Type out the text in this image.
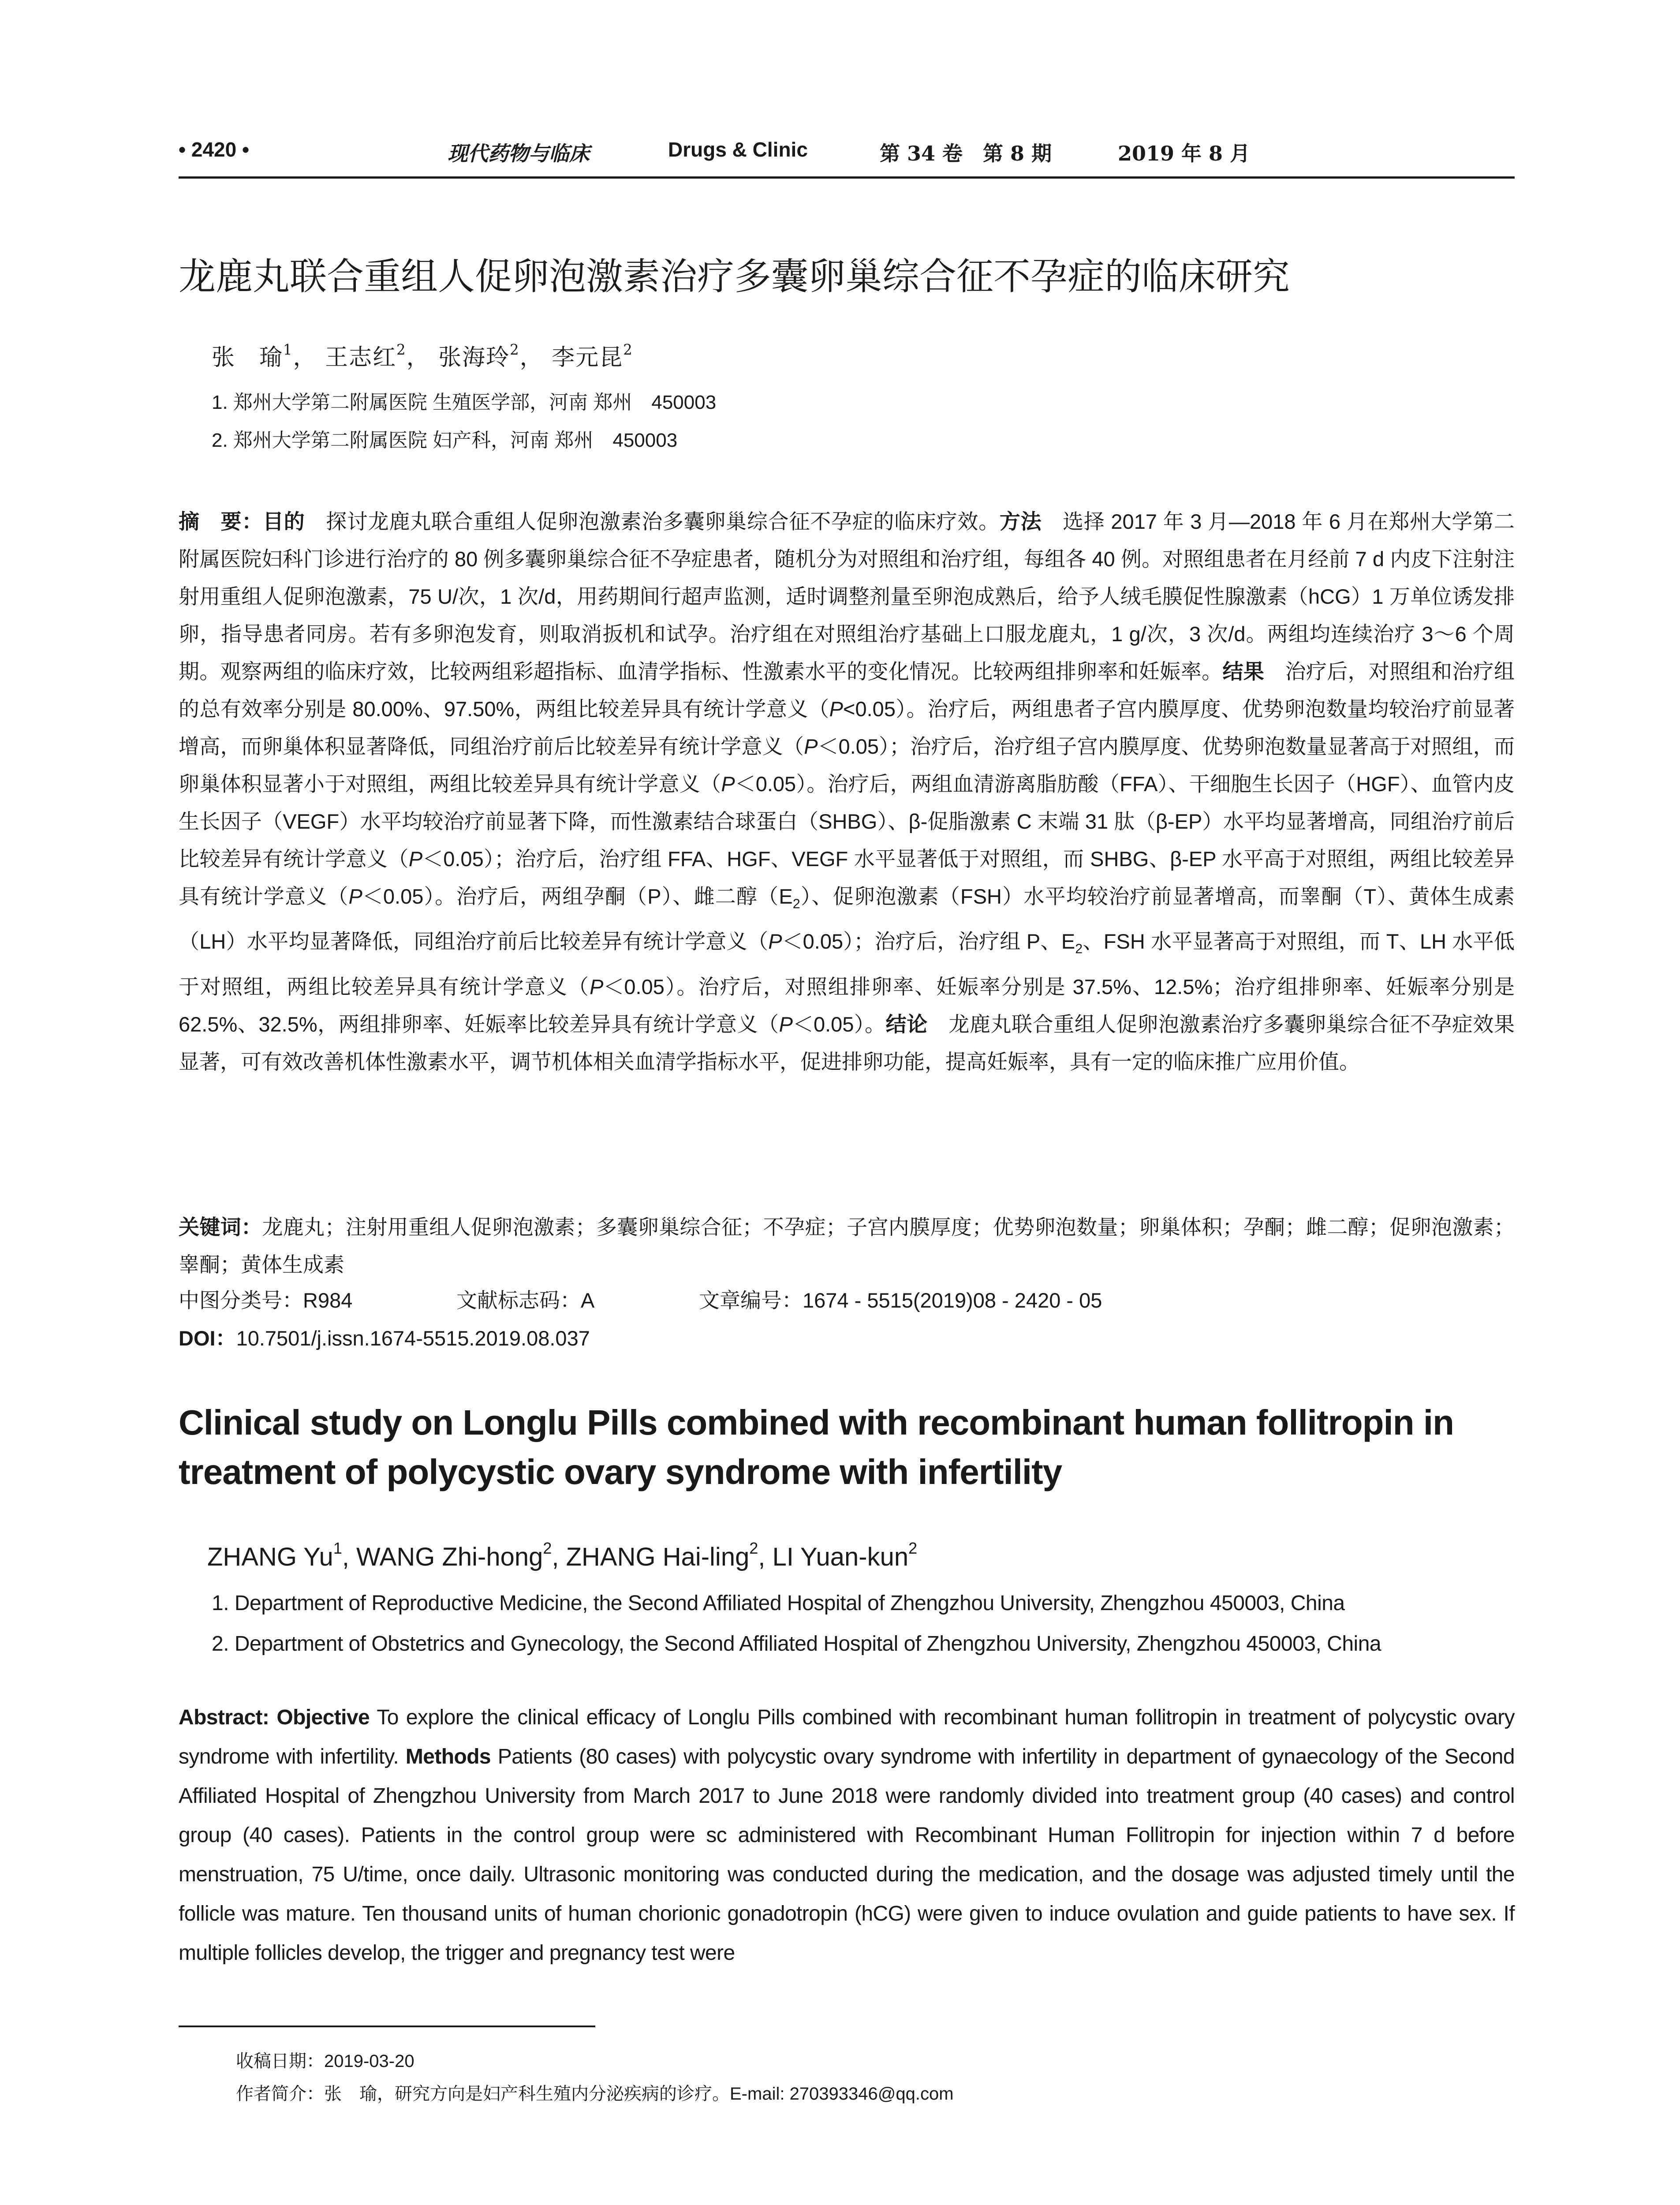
• 2420 •	现代药物与临床	Drugs & Clinic	第 34 卷　第 8 期	2019 年 8 月
龙鹿丸联合重组人促卵泡激素治疗多囊卵巢综合征不孕症的临床研究
张　瑜$^1$， 王志红$^2$， 张海玲$^2$， 李元昆$^2$
1. 郑州大学第二附属医院 生殖医学部，河南 郑州　450003
2. 郑州大学第二附属医院 妇产科，河南 郑州　450003

摘　要：目的　探讨龙鹿丸联合重组人促卵泡激素治多囊卵巢综合征不孕症的临床疗效。方法　选择 2017 年 3 月—2018 年 6 月在郑州大学第二附属医院妇科门诊进行治疗的 80 例多囊卵巢综合征不孕症患者，随机分为对照组和治疗组，每组各 40 例。对照组患者在月经前 7 d 内皮下注射注射用重组人促卵泡激素，75 U/次，1 次/d，用药期间行超声监测，适时调整剂量至卵泡成熟后，给予人绒毛膜促性腺激素（hCG）1 万单位诱发排卵，指导患者同房。若有多卵泡发育，则取消扳机和试孕。治疗组在对照组治疗基础上口服龙鹿丸，1 g/次，3 次/d。两组均连续治疗 3～6 个周期。观察两组的临床疗效，比较两组彩超指标、血清学指标、性激素水平的变化情况。比较两组排卵率和妊娠率。结果　治疗后，对照组和治疗组的总有效率分别是 80.00%、97.50%，两组比较差异具有统计学意义（P<0.05）。治疗后，两组患者子宫内膜厚度、优势卵泡数量均较治疗前显著增高，而卵巢体积显著降低，同组治疗前后比较差异有统计学意义（P＜0.05）；治疗后，治疗组子宫内膜厚度、优势卵泡数量显著高于对照组，而卵巢体积显著小于对照组，两组比较差异具有统计学意义（P＜0.05）。治疗后，两组血清游离脂肪酸（FFA）、干细胞生长因子（HGF）、血管内皮生长因子（VEGF）水平均较治疗前显著下降，而性激素结合球蛋白（SHBG）、β-促脂激素 C 末端 31 肽（β-EP）水平均显著增高，同组治疗前后比较差异有统计学意义（P＜0.05）；治疗后，治疗组 FFA、HGF、VEGF 水平显著低于对照组，而 SHBG、β-EP 水平高于对照组，两组比较差异具有统计学意义（P＜0.05）。治疗后，两组孕酮（P）、雌二醇$(E_2)$、促卵泡激素（FSH）水平均较治疗前显著增高，而睾酮（T）、黄体生成素（LH）水平均显著降低，同组治疗前后比较差异有统计学意义（P＜0.05）；治疗后，治疗组 P、$E_2$、FSH 水平显著高于对照组，而 T、LH 水平低于对照组，两组比较差异具有统计学意义（P＜0.05）。治疗后，对照组排卵率、妊娠率分别是 37.5%、12.5%；治疗组排卵率、妊娠率分别是 62.5%、32.5%，两组排卵率、妊娠率比较差异具有统计学意义（P＜0.05）。结论　龙鹿丸联合重组人促卵泡激素治疗多囊卵巢综合征不孕症效果显著，可有效改善机体性激素水平，调节机体相关血清学指标水平，促进排卵功能，提高妊娠率，具有一定的临床推广应用价值。

关键词：龙鹿丸；注射用重组人促卵泡激素；多囊卵巢综合征；不孕症；子宫内膜厚度；优势卵泡数量；卵巢体积；孕酮；雌二醇；促卵泡激素；睾酮；黄体生成素

中图分类号：R984	文献标志码：A	文章编号：1674 - 5515(2019)08 - 2420 - 05
DOI：10.7501/j.issn.1674-5515.2019.08.037
Clinical study on Longlu Pills combined with recombinant human follitropin in treatment of polycystic ovary syndrome with infertility
ZHANG Yu$^1$, WANG Zhi-hong$^2$, ZHANG Hai-ling$^2$, LI Yuan-kun$^2$
1. Department of Reproductive Medicine, the Second Affiliated Hospital of Zhengzhou University, Zhengzhou 450003, China
2. Department of Obstetrics and Gynecology, the Second Affiliated Hospital of Zhengzhou University, Zhengzhou 450003, China

Abstract: Objective To explore the clinical efficacy of Longlu Pills combined with recombinant human follitropin in treatment of polycystic ovary syndrome with infertility. Methods Patients (80 cases) with polycystic ovary syndrome with infertility in department of gynaecology of the Second Affiliated Hospital of Zhengzhou University from March 2017 to June 2018 were randomly divided into treatment group (40 cases) and control group (40 cases). Patients in the control group were sc administered with Recombinant Human Follitropin for injection within 7 d before menstruation, 75 U/time, once daily. Ultrasonic monitoring was conducted during the medication, and the dosage was adjusted timely until the follicle was mature. Ten thousand units of human chorionic gonadotropin (hCG) were given to induce ovulation and guide patients to have sex. If multiple follicles develop, the trigger and pregnancy test were

收稿日期：2019-03-20
作者简介：张　瑜，研究方向是妇产科生殖内分泌疾病的诊疗。E-mail: 270393346@qq.com
